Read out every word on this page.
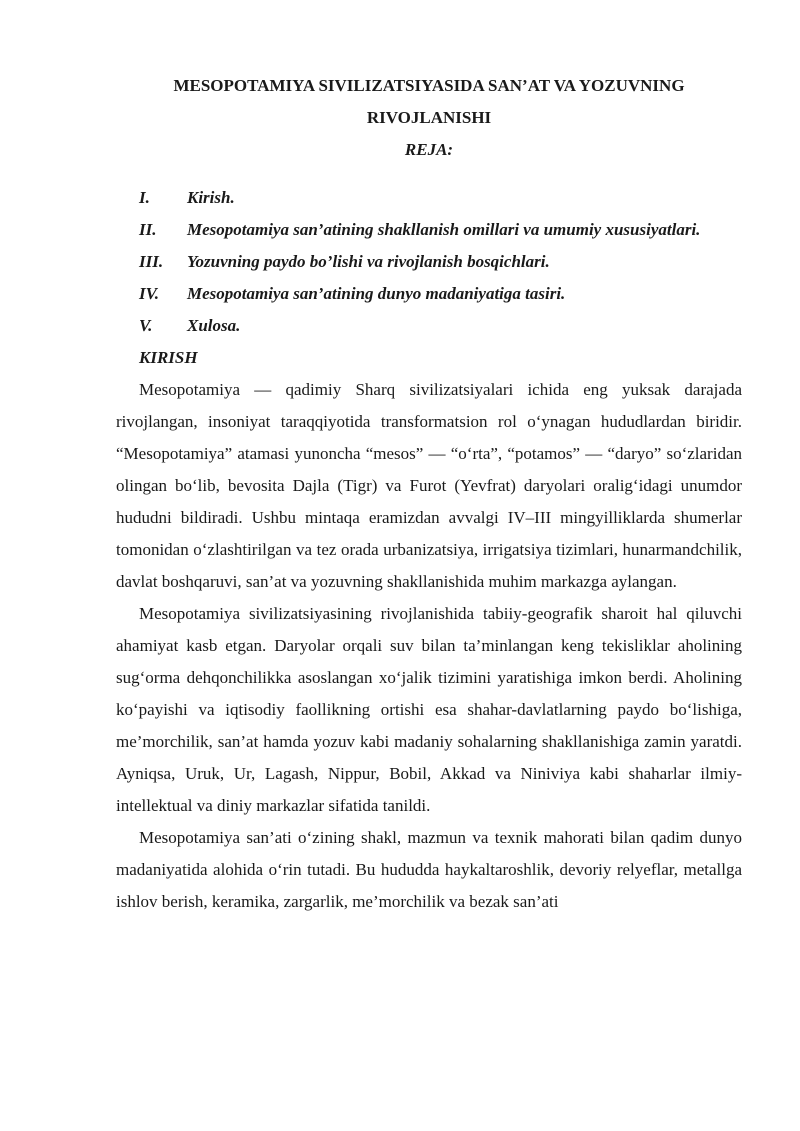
MESOPOTAMIYA SIVILIZATSIYASIDA SAN’AT VA YOZUVNING

RIVOJLANISHI

REJA:

I.	Kirish.
II.	Mesopotamiya san’atining shakllanish omillari va umumiy xususiyatlari.
III.	Yozuvning paydo bo’lishi va rivojlanish bosqichlari.
IV.	Mesopotamiya san’atining dunyo madaniyatiga tasiri.
V.	Xulosa.

KIRISH

Mesopotamiya — qadimiy Sharq sivilizatsiyalari ichida eng yuksak darajada rivojlangan, insoniyat taraqqiyotida transformatsion rol o‘ynagan hududlardan biridir. “Mesopotamiya” atamasi yunoncha “mesos” — “o‘rta”, “potamos” — “daryo” so‘zlaridan olingan bo‘lib, bevosita Dajla (Tigr) va Furot (Yevfrat) daryolari oralig‘idagi unumdor hududni bildiradi. Ushbu mintaqa eramizdan avvalgi IV–III mingyilliklarda shumerlar tomonidan o‘zlashtirilgan va tez orada urbanizatsiya, irrigatsiya tizimlari, hunarmandchilik, davlat boshqaruvi, san’at va yozuvning shakllanishida muhim markazga aylangan.

Mesopotamiya sivilizatsiyasining rivojlanishida tabiiy-geografik sharoit hal qiluvchi ahamiyat kasb etgan. Daryolar orqali suv bilan ta’minlangan keng tekisliklar aholining sug‘orma dehqonchilikka asoslangan xo‘jalik tizimini yaratishiga imkon berdi. Aholining ko‘payishi va iqtisodiy faollikning ortishi esa shahar-davlatlarning paydo bo‘lishiga, me’morchilik, san’at hamda yozuv kabi madaniy sohalarning shakllanishiga zamin yaratdi. Ayniqsa, Uruk, Ur, Lagash, Nippur, Bobil, Akkad va Niniviya kabi shaharlar ilmiy-intellektual va diniy markazlar sifatida tanildi.

Mesopotamiya san’ati o‘zining shakl, mazmun va texnik mahorati bilan qadim dunyo madaniyatida alohida o‘rin tutadi. Bu hududda haykaltaroshlik, devoriy relyeflar, metallga ishlov berish, keramika, zargarlik, me’morchilik va bezak san’ati
